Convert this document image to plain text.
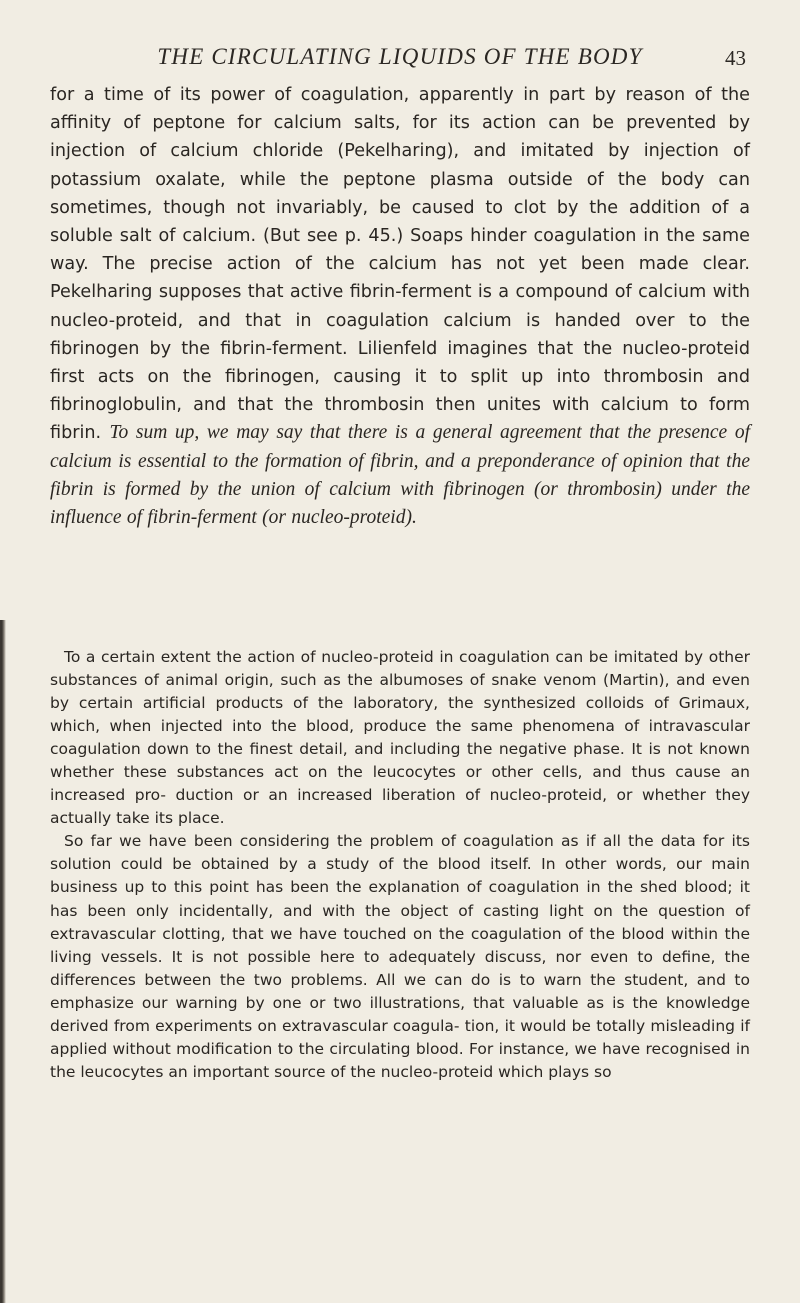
THE CIRCULATING LIQUIDS OF THE BODY	43

for a time of its power of coagulation, apparently in part by reason of the affinity of peptone for calcium salts, for its action can be prevented by injection of calcium chloride (Pekelharing), and imitated by injection of potassium oxalate, while the peptone plasma outside of the body can sometimes, though not invariably, be caused to clot by the addition of a soluble salt of calcium. (But see p. 45.) Soaps hinder coagulation in the same way. The precise action of the calcium has not yet been made clear. Pekelharing supposes that active fibrin-ferment is a compound of calcium with nucleo-proteid, and that in coagulation calcium is handed over to the fibrinogen by the fibrin-ferment. Lilienfeld imagines that the nucleo-proteid first acts on the fibrinogen, causing it to split up into thrombosin and fibrinoglobulin, and that the thrombosin then unites with calcium to form fibrin. To sum up, we may say that there is a general agreement that the presence of calcium is essential to the formation of fibrin, and a preponderance of opinion that the fibrin is formed by the union of calcium with fibrinogen (or thrombosin) under the influence of fibrin-ferment (or nucleo-proteid).

To a certain extent the action of nucleo-proteid in coagulation can be imitated by other substances of animal origin, such as the albumoses of snake venom (Martin), and even by certain artificial products of the laboratory, the synthesized colloids of Grimaux, which, when injected into the blood, produce the same phenomena of intravascular coagulation down to the finest detail, and including the negative phase. It is not known whether these substances act on the leucocytes or other cells, and thus cause an increased pro- duction or an increased liberation of nucleo-proteid, or whether they actually take its place.

So far we have been considering the problem of coagulation as if all the data for its solution could be obtained by a study of the blood itself. In other words, our main business up to this point has been the explanation of coagulation in the shed blood; it has been only incidentally, and with the object of casting light on the question of extravascular clotting, that we have touched on the coagulation of the blood within the living vessels. It is not possible here to adequately discuss, nor even to define, the differences between the two problems. All we can do is to warn the student, and to emphasize our warning by one or two illustrations, that valuable as is the knowledge derived from experiments on extravascular coagula- tion, it would be totally misleading if applied without modification to the circulating blood. For instance, we have recognised in the leucocytes an important source of the nucleo-proteid which plays so
